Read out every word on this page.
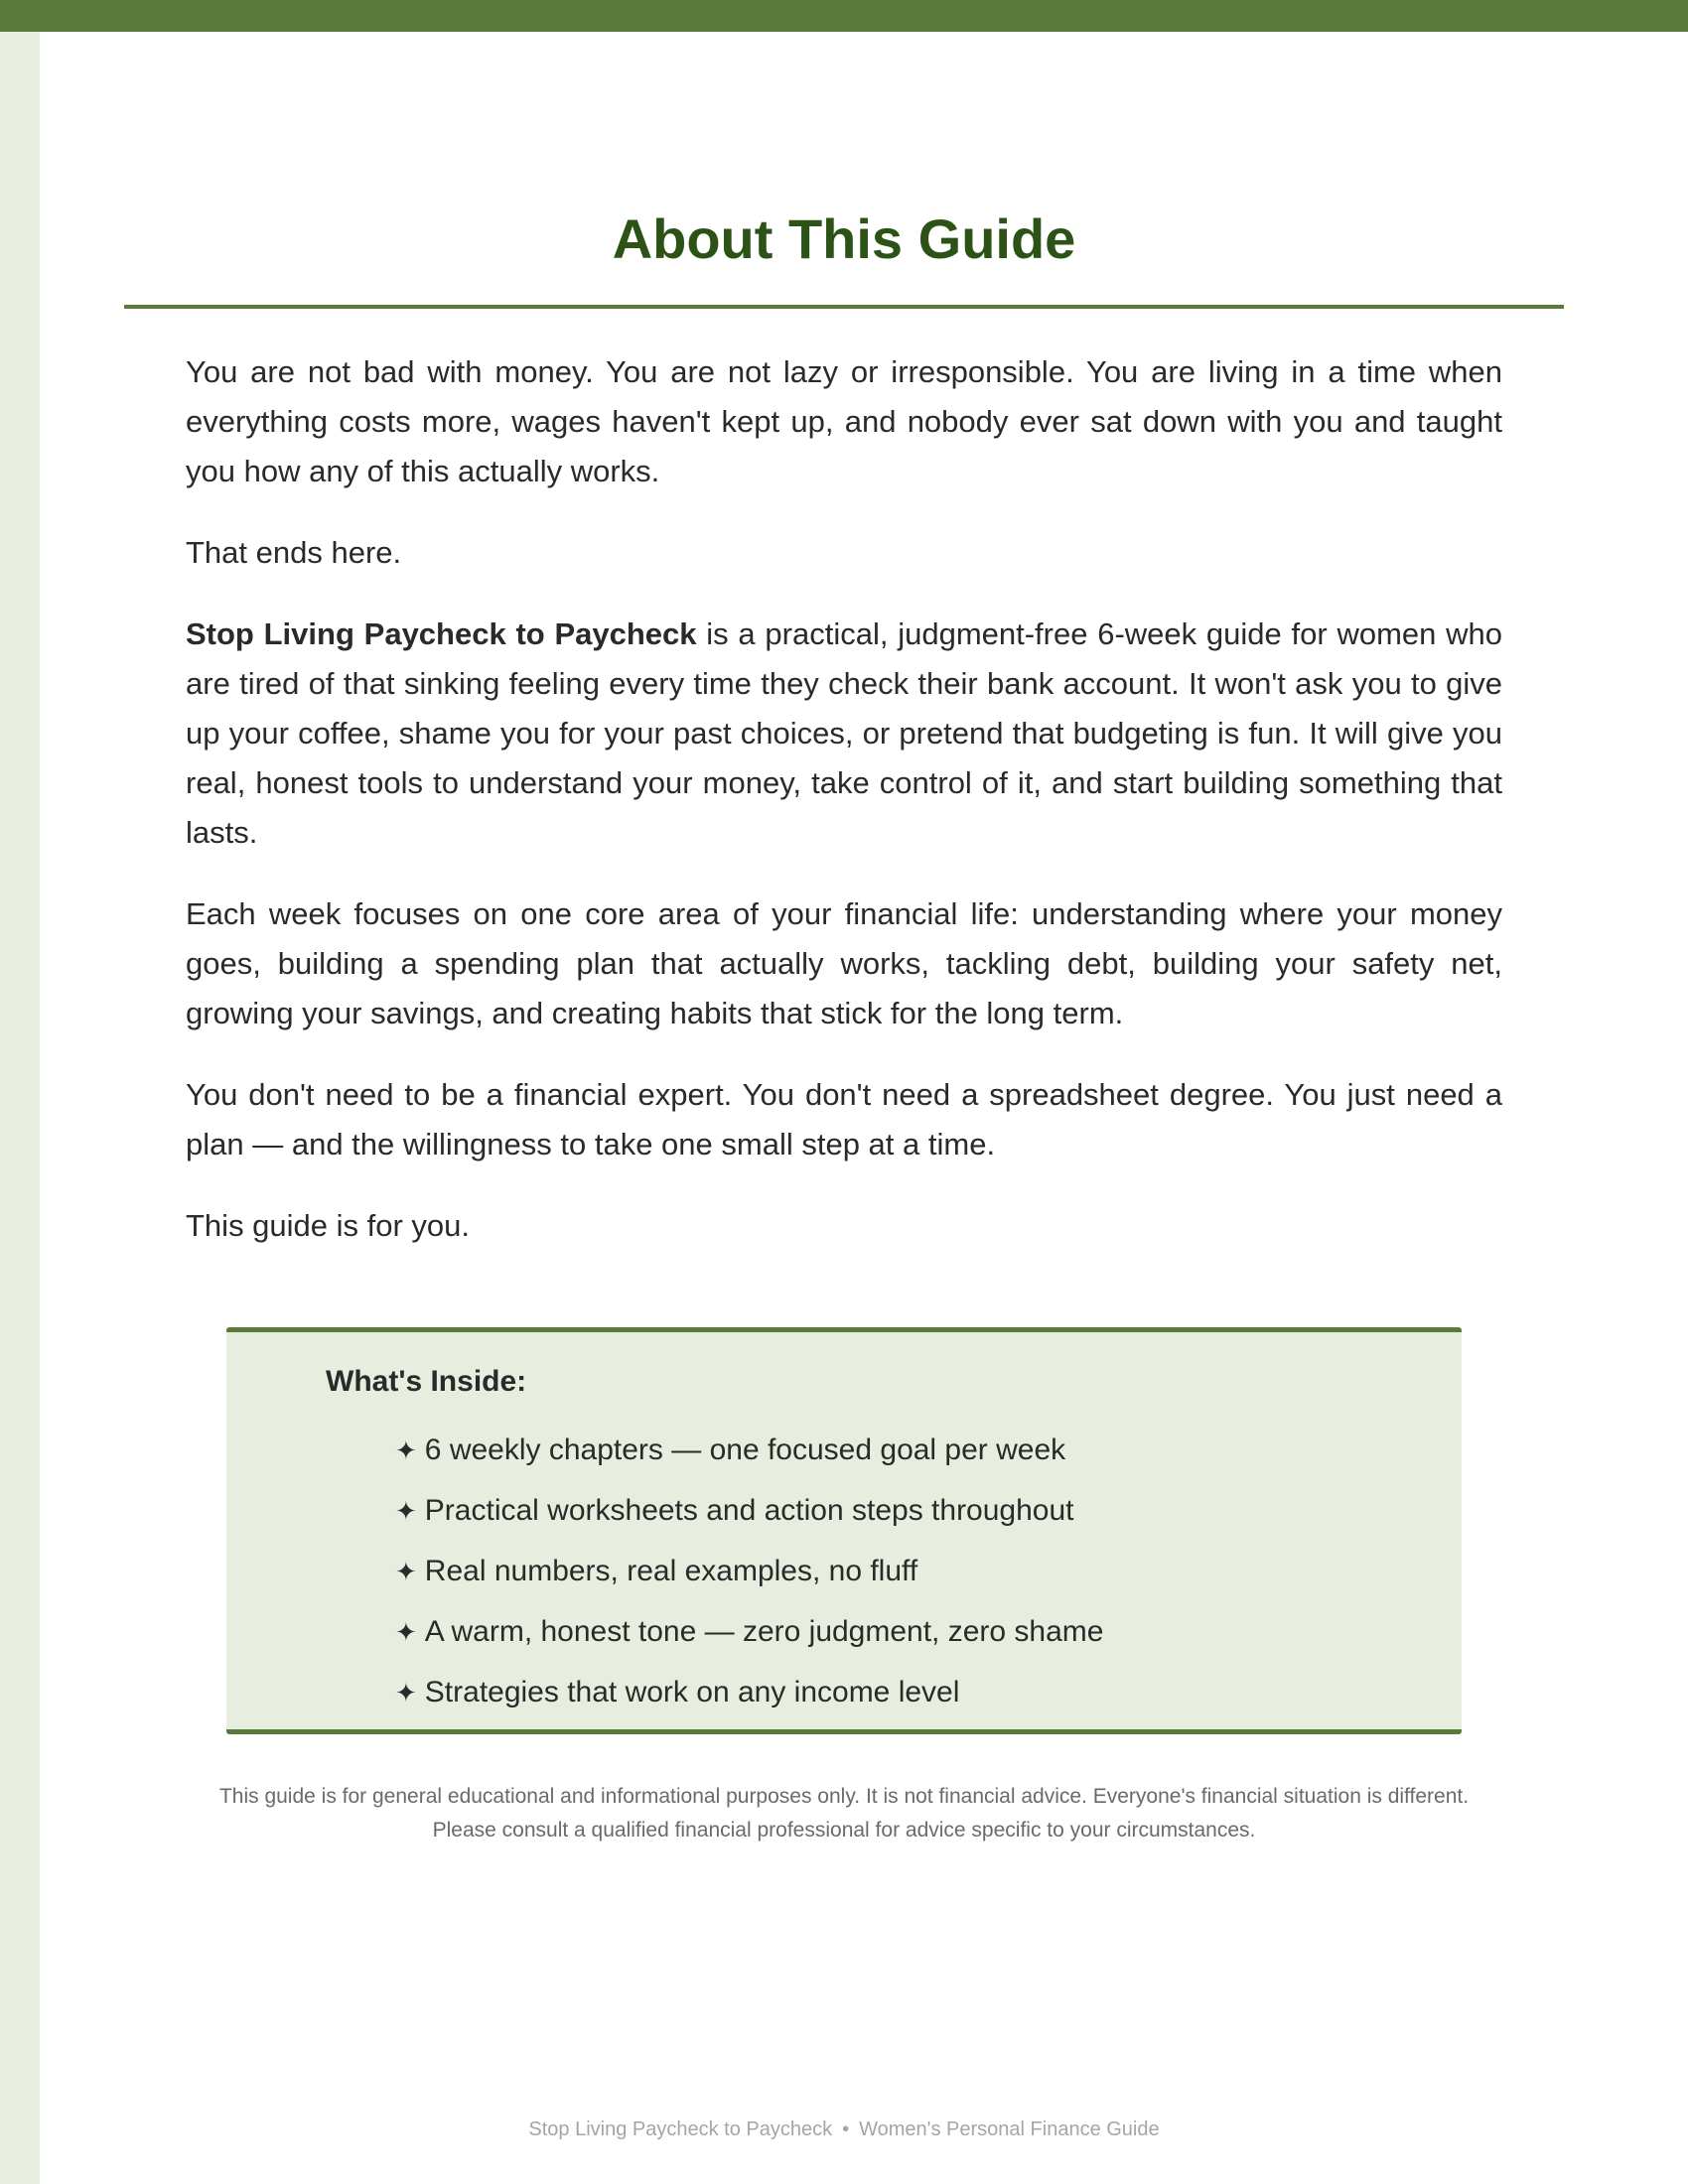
About This Guide

You are not bad with money. You are not lazy or irresponsible. You are living in a time when everything costs more, wages haven't kept up, and nobody ever sat down with you and taught you how any of this actually works.

That ends here.

Stop Living Paycheck to Paycheck is a practical, judgment-free 6-week guide for women who are tired of that sinking feeling every time they check their bank account. It won't ask you to give up your coffee, shame you for your past choices, or pretend that budgeting is fun. It will give you real, honest tools to understand your money, take control of it, and start building something that lasts.

Each week focuses on one core area of your financial life: understanding where your money goes, building a spending plan that actually works, tackling debt, building your safety net, growing your savings, and creating habits that stick for the long term.

You don't need to be a financial expert. You don't need a spreadsheet degree. You just need a plan — and the willingness to take one small step at a time.

This guide is for you.

What's Inside:
✦ 6 weekly chapters — one focused goal per week
✦ Practical worksheets and action steps throughout
✦ Real numbers, real examples, no fluff
✦ A warm, honest tone — zero judgment, zero shame
✦ Strategies that work on any income level
This guide is for general educational and informational purposes only. It is not financial advice. Everyone's financial situation is different. Please consult a qualified financial professional for advice specific to your circumstances.
Stop Living Paycheck to Paycheck • Women's Personal Finance Guide
